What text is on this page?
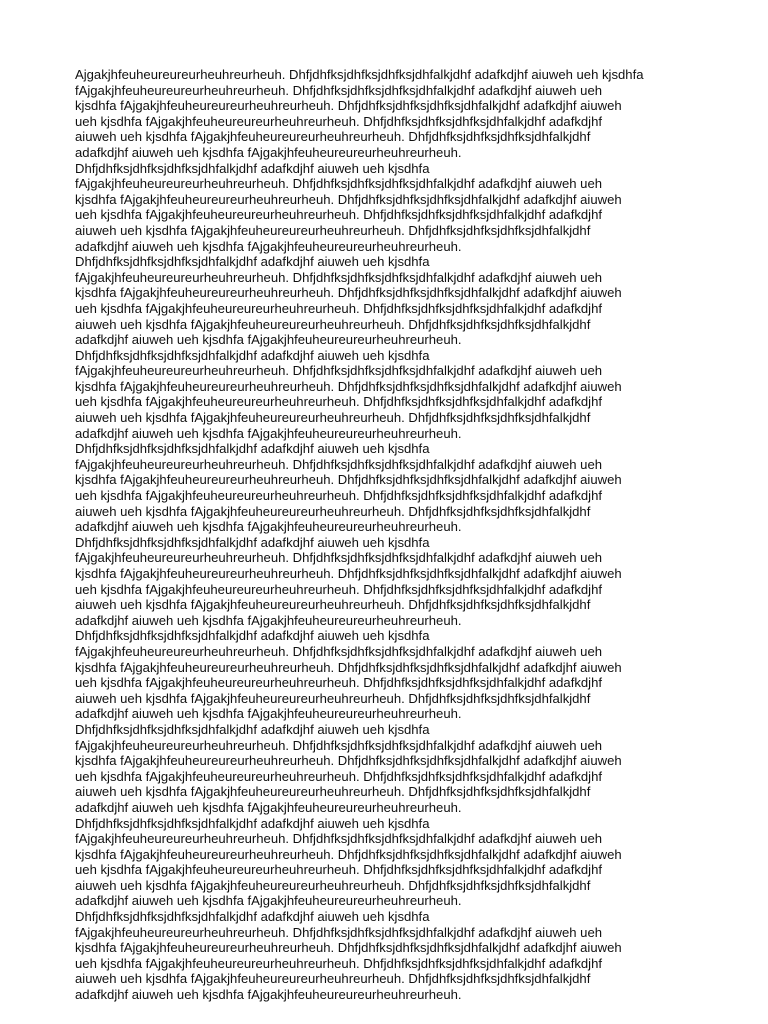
Ajgakjhfeuheureureurheuhreurheuh. Dhfjdhfksjdhfksjdhfksjdhfalkjdhf adafkdjhf aiuweh ueh kjsdhfa fAjgakjhfeuheureureurheuhreurheuh. Dhfjdhfksjdhfksjdhfksjdhfalkjdhf adafkdjhf aiuweh ueh kjsdhfa fAjgakjhfeuheureureurheuhreurheuh. Dhfjdhfksjdhfksjdhfksjdhfalkjdhf adafkdjhf aiuweh ueh kjsdhfa fAjgakjhfeuheureureurheuhreurheuh. Dhfjdhfksjdhfksjdhfksjdhfalkjdhf adafkdjhf aiuweh ueh kjsdhfa fAjgakjhfeuheureureurheuhreurheuh. Dhfjdhfksjdhfksjdhfksjdhfalkjdhf adafkdjhf aiuweh ueh kjsdhfa fAjgakjhfeuheureureurheuhreurheuh.

Dhfjdhfksjdhfksjdhfksjdhfalkjdhf adafkdjhf aiuweh ueh kjsdhfa fAjgakjhfeuheureureurheuhreurheuh. Dhfjdhfksjdhfksjdhfksjdhfalkjdhf adafkdjhf aiuweh ueh kjsdhfa fAjgakjhfeuheureureurheuhreurheuh. Dhfjdhfksjdhfksjdhfksjdhfalkjdhf adafkdjhf aiuweh ueh kjsdhfa fAjgakjhfeuheureureurheuhreurheuh. Dhfjdhfksjdhfksjdhfksjdhfalkjdhf adafkdjhf aiuweh ueh kjsdhfa fAjgakjhfeuheureureurheuhreurheuh. Dhfjdhfksjdhfksjdhfksjdhfalkjdhf adafkdjhf aiuweh ueh kjsdhfa fAjgakjhfeuheureureurheuhreurheuh.

Dhfjdhfksjdhfksjdhfksjdhfalkjdhf adafkdjhf aiuweh ueh kjsdhfa fAjgakjhfeuheureureurheuhreurheuh. Dhfjdhfksjdhfksjdhfksjdhfalkjdhf adafkdjhf aiuweh ueh kjsdhfa fAjgakjhfeuheureureurheuhreurheuh. Dhfjdhfksjdhfksjdhfksjdhfalkjdhf adafkdjhf aiuweh ueh kjsdhfa fAjgakjhfeuheureureurheuhreurheuh. Dhfjdhfksjdhfksjdhfksjdhfalkjdhf adafkdjhf aiuweh ueh kjsdhfa fAjgakjhfeuheureureurheuhreurheuh. Dhfjdhfksjdhfksjdhfksjdhfalkjdhf adafkdjhf aiuweh ueh kjsdhfa fAjgakjhfeuheureureurheuhreurheuh.

Dhfjdhfksjdhfksjdhfksjdhfalkjdhf adafkdjhf aiuweh ueh kjsdhfa fAjgakjhfeuheureureurheuhreurheuh. Dhfjdhfksjdhfksjdhfksjdhfalkjdhf adafkdjhf aiuweh ueh kjsdhfa fAjgakjhfeuheureureurheuhreurheuh. Dhfjdhfksjdhfksjdhfksjdhfalkjdhf adafkdjhf aiuweh ueh kjsdhfa fAjgakjhfeuheureureurheuhreurheuh. Dhfjdhfksjdhfksjdhfksjdhfalkjdhf adafkdjhf aiuweh ueh kjsdhfa fAjgakjhfeuheureureurheuhreurheuh. Dhfjdhfksjdhfksjdhfksjdhfalkjdhf adafkdjhf aiuweh ueh kjsdhfa fAjgakjhfeuheureureurheuhreurheuh.

Dhfjdhfksjdhfksjdhfksjdhfalkjdhf adafkdjhf aiuweh ueh kjsdhfa fAjgakjhfeuheureureurheuhreurheuh. Dhfjdhfksjdhfksjdhfksjdhfalkjdhf adafkdjhf aiuweh ueh kjsdhfa fAjgakjhfeuheureureurheuhreurheuh. Dhfjdhfksjdhfksjdhfksjdhfalkjdhf adafkdjhf aiuweh ueh kjsdhfa fAjgakjhfeuheureureurheuhreurheuh. Dhfjdhfksjdhfksjdhfksjdhfalkjdhf adafkdjhf aiuweh ueh kjsdhfa fAjgakjhfeuheureureurheuhreurheuh. Dhfjdhfksjdhfksjdhfksjdhfalkjdhf adafkdjhf aiuweh ueh kjsdhfa fAjgakjhfeuheureureurheuhreurheuh.

Dhfjdhfksjdhfksjdhfksjdhfalkjdhf adafkdjhf aiuweh ueh kjsdhfa fAjgakjhfeuheureureurheuhreurheuh. Dhfjdhfksjdhfksjdhfksjdhfalkjdhf adafkdjhf aiuweh ueh kjsdhfa fAjgakjhfeuheureureurheuhreurheuh. Dhfjdhfksjdhfksjdhfksjdhfalkjdhf adafkdjhf aiuweh ueh kjsdhfa fAjgakjhfeuheureureurheuhreurheuh. Dhfjdhfksjdhfksjdhfksjdhfalkjdhf adafkdjhf aiuweh ueh kjsdhfa fAjgakjhfeuheureureurheuhreurheuh. Dhfjdhfksjdhfksjdhfksjdhfalkjdhf adafkdjhf aiuweh ueh kjsdhfa fAjgakjhfeuheureureurheuhreurheuh.

Dhfjdhfksjdhfksjdhfksjdhfalkjdhf adafkdjhf aiuweh ueh kjsdhfa fAjgakjhfeuheureureurheuhreurheuh. Dhfjdhfksjdhfksjdhfksjdhfalkjdhf adafkdjhf aiuweh ueh kjsdhfa fAjgakjhfeuheureureurheuhreurheuh. Dhfjdhfksjdhfksjdhfksjdhfalkjdhf adafkdjhf aiuweh ueh kjsdhfa fAjgakjhfeuheureureurheuhreurheuh. Dhfjdhfksjdhfksjdhfksjdhfalkjdhf adafkdjhf aiuweh ueh kjsdhfa fAjgakjhfeuheureureurheuhreurheuh. Dhfjdhfksjdhfksjdhfksjdhfalkjdhf adafkdjhf aiuweh ueh kjsdhfa fAjgakjhfeuheureureurheuhreurheuh.

Dhfjdhfksjdhfksjdhfksjdhfalkjdhf adafkdjhf aiuweh ueh kjsdhfa fAjgakjhfeuheureureurheuhreurheuh. Dhfjdhfksjdhfksjdhfksjdhfalkjdhf adafkdjhf aiuweh ueh kjsdhfa fAjgakjhfeuheureureurheuhreurheuh. Dhfjdhfksjdhfksjdhfksjdhfalkjdhf adafkdjhf aiuweh ueh kjsdhfa fAjgakjhfeuheureureurheuhreurheuh. Dhfjdhfksjdhfksjdhfksjdhfalkjdhf adafkdjhf aiuweh ueh kjsdhfa fAjgakjhfeuheureureurheuhreurheuh. Dhfjdhfksjdhfksjdhfksjdhfalkjdhf adafkdjhf aiuweh ueh kjsdhfa fAjgakjhfeuheureureurheuhreurheuh.

Dhfjdhfksjdhfksjdhfksjdhfalkjdhf adafkdjhf aiuweh ueh kjsdhfa fAjgakjhfeuheureureurheuhreurheuh. Dhfjdhfksjdhfksjdhfksjdhfalkjdhf adafkdjhf aiuweh ueh kjsdhfa fAjgakjhfeuheureureurheuhreurheuh. Dhfjdhfksjdhfksjdhfksjdhfalkjdhf adafkdjhf aiuweh ueh kjsdhfa fAjgakjhfeuheureureurheuhreurheuh. Dhfjdhfksjdhfksjdhfksjdhfalkjdhf adafkdjhf aiuweh ueh kjsdhfa fAjgakjhfeuheureureurheuhreurheuh. Dhfjdhfksjdhfksjdhfksjdhfalkjdhf adafkdjhf aiuweh ueh kjsdhfa fAjgakjhfeuheureureurheuhreurheuh.

Dhfjdhfksjdhfksjdhfksjdhfalkjdhf adafkdjhf aiuweh ueh kjsdhfa fAjgakjhfeuheureureurheuhreurheuh. Dhfjdhfksjdhfksjdhfksjdhfalkjdhf adafkdjhf aiuweh ueh kjsdhfa fAjgakjhfeuheureureurheuhreurheuh. Dhfjdhfksjdhfksjdhfksjdhfalkjdhf adafkdjhf aiuweh ueh kjsdhfa fAjgakjhfeuheureureurheuhreurheuh. Dhfjdhfksjdhfksjdhfksjdhfalkjdhf adafkdjhf aiuweh ueh kjsdhfa fAjgakjhfeuheureureurheuhreurheuh. Dhfjdhfksjdhfksjdhfksjdhfalkjdhf adafkdjhf aiuweh ueh kjsdhfa fAjgakjhfeuheureureurheuhreurheuh.
